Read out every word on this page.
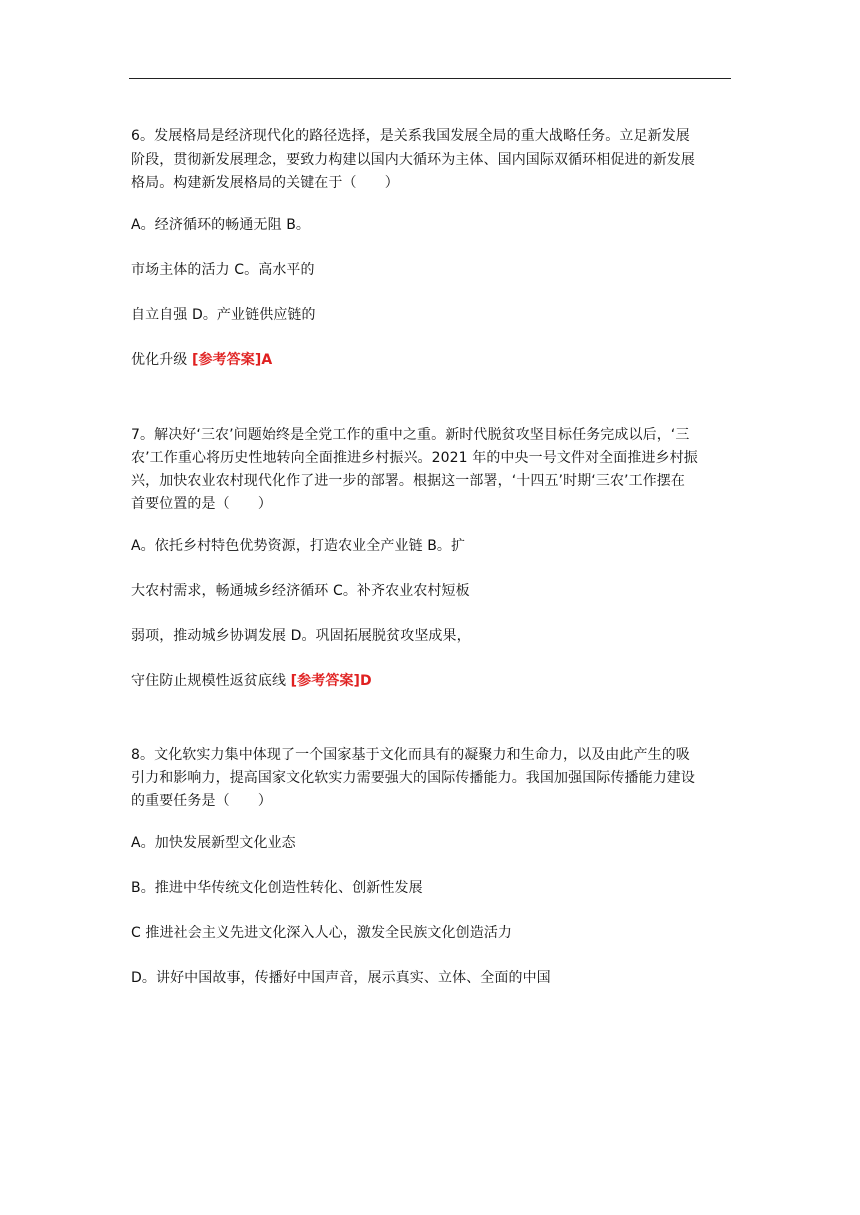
6。发展格局是经济现代化的路径选择，是关系我国发展全局的重大战略任务。立足新发展
阶段，贯彻新发展理念，要致力构建以国内大循环为主体、国内国际双循环相促进的新发展
格局。构建新发展格局的关键在于（　　）
A。经济循环的畅通无阻 B。
市场主体的活力 C。高水平的
自立自强 D。产业链供应链的
优化升级 [参考答案]A
7。解决好‘三农’问题始终是全党工作的重中之重。新时代脱贫攻坚目标任务完成以后，‘三
农’工作重心将历史性地转向全面推进乡村振兴。2021 年的中央一号文件对全面推进乡村振
兴，加快农业农村现代化作了进一步的部署。根据这一部署，‘十四五’时期‘三农’工作摆在
首要位置的是（　　）
A。依托乡村特色优势资源，打造农业全产业链 B。扩
大农村需求，畅通城乡经济循环 C。补齐农业农村短板
弱项，推动城乡协调发展 D。巩固拓展脱贫攻坚成果，
守住防止规模性返贫底线 [参考答案]D
8。文化软实力集中体现了一个国家基于文化而具有的凝聚力和生命力，以及由此产生的吸
引力和影响力，提高国家文化软实力需要强大的国际传播能力。我国加强国际传播能力建设
的重要任务是（　　）
A。加快发展新型文化业态
B。推进中华传统文化创造性转化、创新性发展
C 推进社会主义先进文化深入人心，激发全民族文化创造活力
D。讲好中国故事，传播好中国声音，展示真实、立体、全面的中国
